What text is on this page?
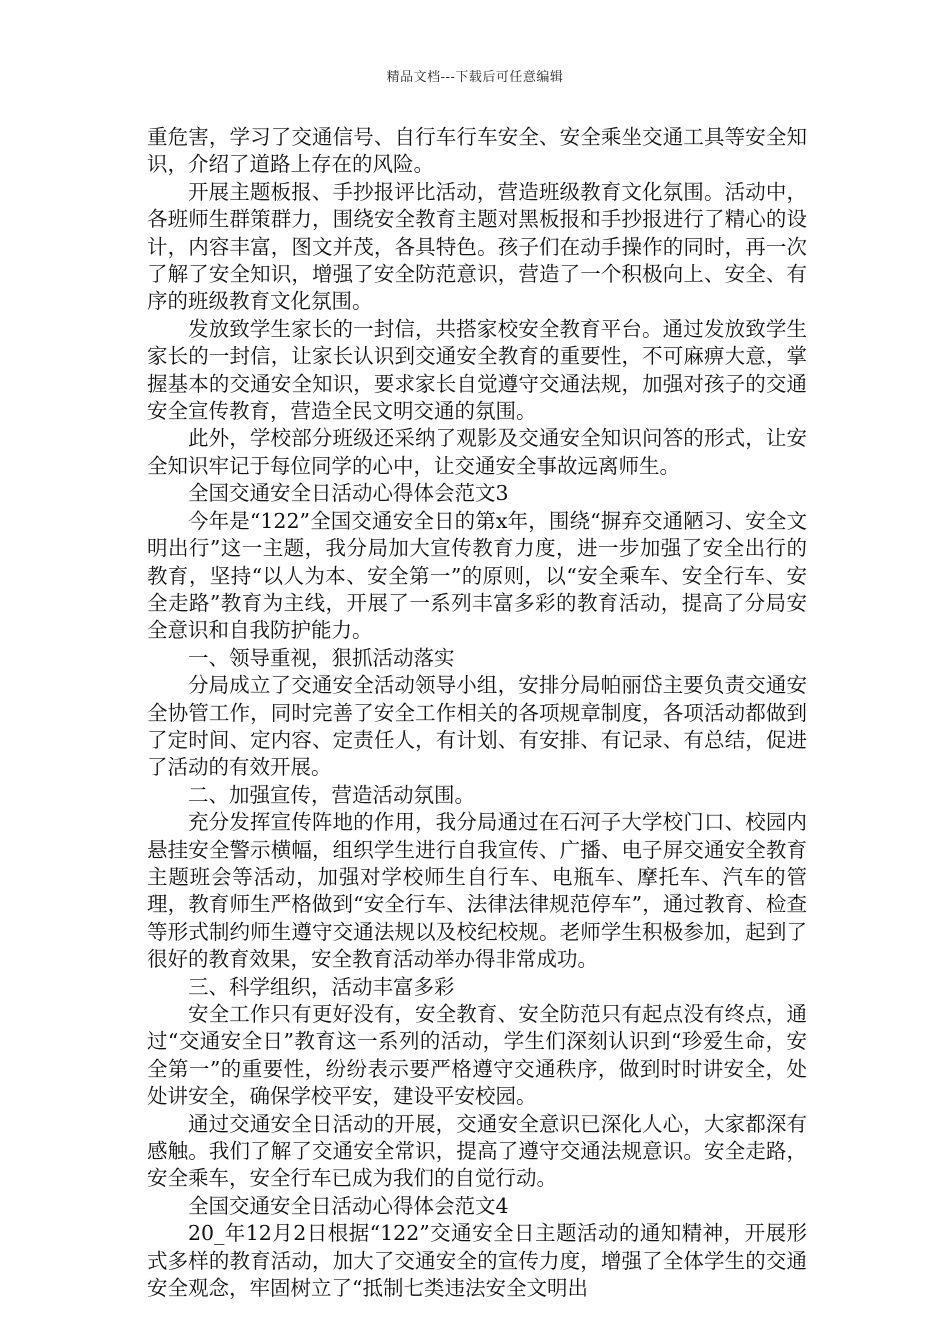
精品文档---下载后可任意编辑

重危害，学习了交通信号、自行车行车安全、安全乘坐交通工具等安全知识，介绍了道路上存在的风险。

开展主题板报、手抄报评比活动，营造班级教育文化氛围。活动中，各班师生群策群力，围绕安全教育主题对黑板报和手抄报进行了精心的设计，内容丰富，图文并茂，各具特色。孩子们在动手操作的同时，再一次了解了安全知识，增强了安全防范意识，营造了一个积极向上、安全、有序的班级教育文化氛围。

发放致学生家长的一封信，共搭家校安全教育平台。通过发放致学生家长的一封信，让家长认识到交通安全教育的重要性，不可麻痹大意，掌握基本的交通安全知识，要求家长自觉遵守交通法规，加强对孩子的交通安全宣传教育，营造全民文明交通的氛围。

此外，学校部分班级还采纳了观影及交通安全知识问答的形式，让安全知识牢记于每位同学的心中，让交通安全事故远离师生。

全国交通安全日活动心得体会范文3

今年是“122”全国交通安全日的第x年，围绕“摒弃交通陋习、安全文明出行”这一主题，我分局加大宣传教育力度，进一步加强了安全出行的教育，坚持“以人为本、安全第一”的原则，以“安全乘车、安全行车、安全走路”教育为主线，开展了一系列丰富多彩的教育活动，提高了分局安全意识和自我防护能力。

一、领导重视，狠抓活动落实

分局成立了交通安全活动领导小组，安排分局帕丽岱主要负责交通安全协管工作，同时完善了安全工作相关的各项规章制度，各项活动都做到了定时间、定内容、定责任人，有计划、有安排、有记录、有总结，促进了活动的有效开展。

二、加强宣传，营造活动氛围。

充分发挥宣传阵地的作用，我分局通过在石河子大学校门口、校园内悬挂安全警示横幅，组织学生进行自我宣传、广播、电子屏交通安全教育主题班会等活动，加强对学校师生自行车、电瓶车、摩托车、汽车的管理，教育师生严格做到“安全行车、法律法律规范停车”，通过教育、检查等形式制约师生遵守交通法规以及校纪校规。老师学生积极参加，起到了很好的教育效果，安全教育活动举办得非常成功。

三、科学组织，活动丰富多彩

安全工作只有更好没有，安全教育、安全防范只有起点没有终点，通过“交通安全日”教育这一系列的活动，学生们深刻认识到“珍爱生命，安全第一”的重要性，纷纷表示要严格遵守交通秩序，做到时时讲安全，处处讲安全，确保学校平安，建设平安校园。

通过交通安全日活动的开展，交通安全意识已深化人心，大家都深有感触。我们了解了交通安全常识，提高了遵守交通法规意识。安全走路，安全乘车，安全行车已成为我们的自觉行动。

全国交通安全日活动心得体会范文4

20_年12月2日根据“122”交通安全日主题活动的通知精神，开展形式多样的教育活动，加大了交通安全的宣传力度，增强了全体学生的交通安全观念，牢固树立了“抵制七类违法安全文明出
